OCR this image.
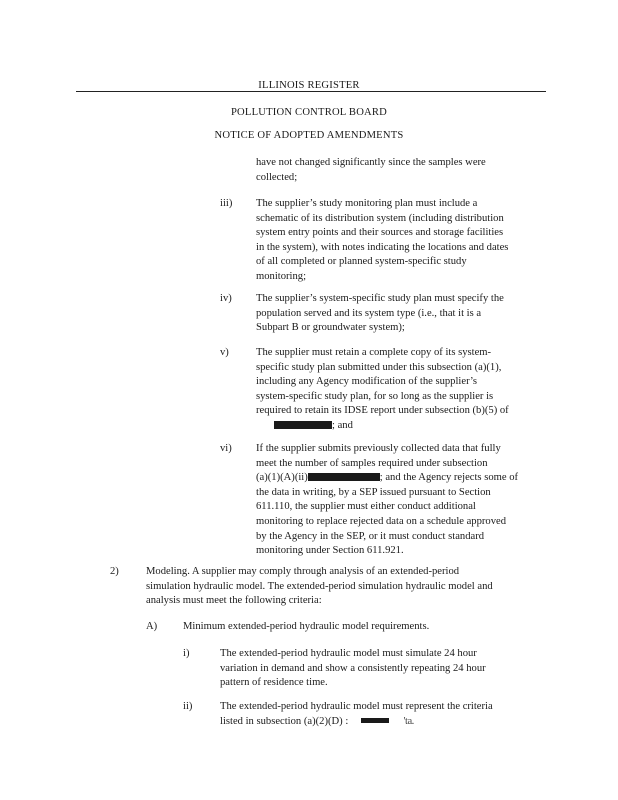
ILLINOIS REGISTER
POLLUTION CONTROL BOARD
NOTICE OF ADOPTED AMENDMENTS
have not changed significantly since the samples were
collected;
iii) The supplier’s study monitoring plan must include a
schematic of its distribution system (including distribution
system entry points and their sources and storage facilities
in the system), with notes indicating the locations and dates
of all completed or planned system-specific study
monitoring;
iv) The supplier’s system-specific study plan must specify the
population served and its system type (i.e., that it is a
Subpart B or groundwater system);
v)	The supplier must retain a complete copy of its system-
specific study plan submitted under this subsection (a)(1),
including any Agency modification of the supplier’s
system-specific study plan, for so long as the supplier is
required to retain its IDSE report under subsection (b)(5) of
; and
vi) If the supplier submits previously collected data that fully
meet the number of samples required under subsection
(a)(1)(A)(ii)	; and the Agency rejects some of
the data in writing, by a SEP issued pursuant to Section
611.110, the supplier must either conduct additional
monitoring to replace rejected data on a schedule approved
by the Agency in the SEP, or it must conduct standard
monitoring under Section 611.921.
2)	Modeling. A supplier may comply through analysis of an extended-period
simulation hydraulic model. The extended-period simulation hydraulic model and
analysis must meet the following criteria:
A) Minimum extended-period hydraulic model requirements.
i)	The extended-period hydraulic model must simulate 24 hour
variation in demand and show a consistently repeating 24 hour
pattern of residence time.
ii)	The extended-period hydraulic model must represent the criteria
listed in subsection (a)(2)(D) :	'ta.
